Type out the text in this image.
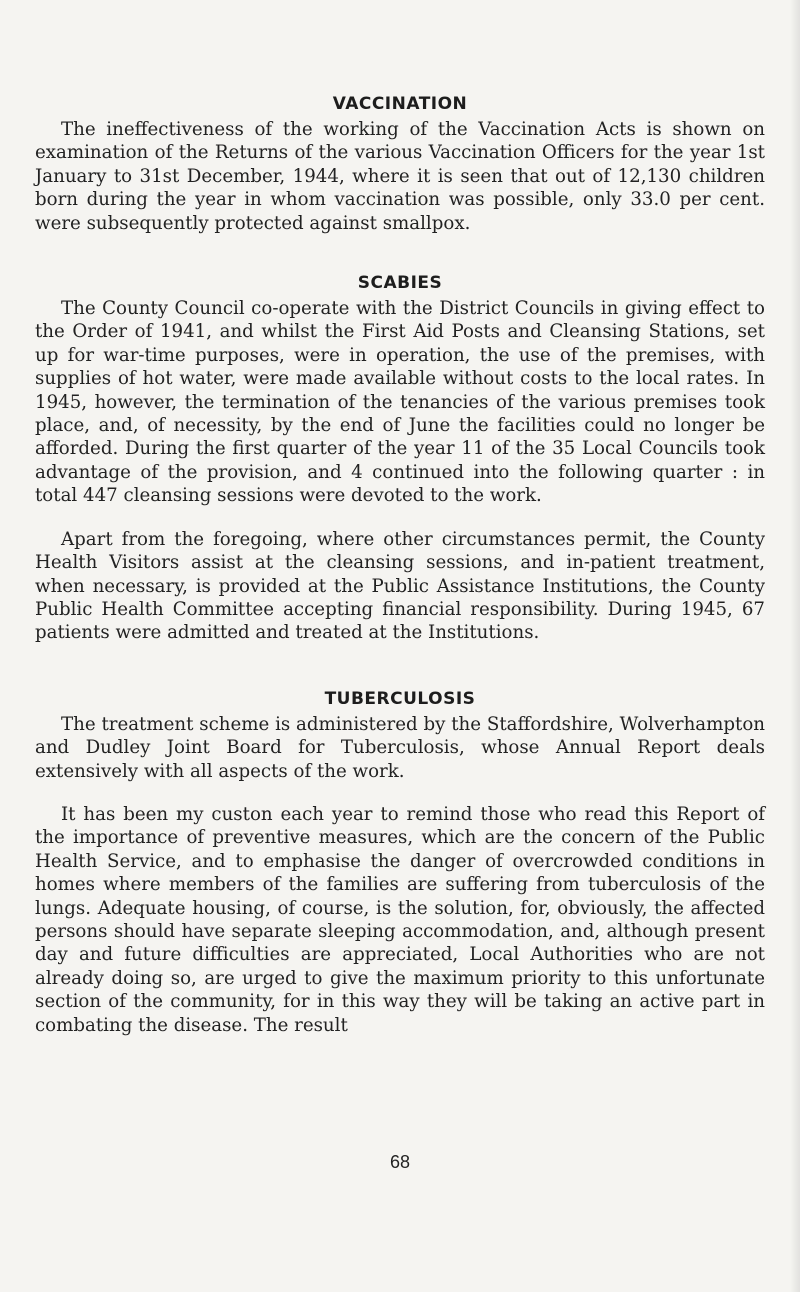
VACCINATION

The ineffectiveness of the working of the Vaccination Acts is shown on examination of the Returns of the various Vaccination Officers for the year 1st January to 31st December, 1944, where it is seen that out of 12,130 children born during the year in whom vaccination was possible, only 33.0 per cent. were subsequently protected against smallpox.

SCABIES

The County Council co-operate with the District Councils in giving effect to the Order of 1941, and whilst the First Aid Posts and Cleansing Stations, set up for war-time purposes, were in operation, the use of the premises, with supplies of hot water, were made available without costs to the local rates. In 1945, however, the termination of the tenancies of the various premises took place, and, of necessity, by the end of June the facilities could no longer be afforded. During the first quarter of the year 11 of the 35 Local Councils took advantage of the provision, and 4 continued into the following quarter : in total 447 cleansing sessions were devoted to the work.

Apart from the foregoing, where other circumstances permit, the County Health Visitors assist at the cleansing sessions, and in-patient treatment, when necessary, is provided at the Public Assistance Institutions, the County Public Health Committee accepting financial responsibility. During 1945, 67 patients were admitted and treated at the Institutions.

TUBERCULOSIS

The treatment scheme is administered by the Staffordshire, Wolverhampton and Dudley Joint Board for Tuberculosis, whose Annual Report deals extensively with all aspects of the work.

It has been my custon each year to remind those who read this Report of the importance of preventive measures, which are the concern of the Public Health Service, and to emphasise the danger of overcrowded conditions in homes where members of the families are suffering from tuberculosis of the lungs. Adequate housing, of course, is the solution, for, obviously, the affected persons should have separate sleeping accommodation, and, although present day and future difficulties are appreciated, Local Authorities who are not already doing so, are urged to give the maximum priority to this unfortunate section of the community, for in this way they will be taking an active part in combating the disease. The result

68
